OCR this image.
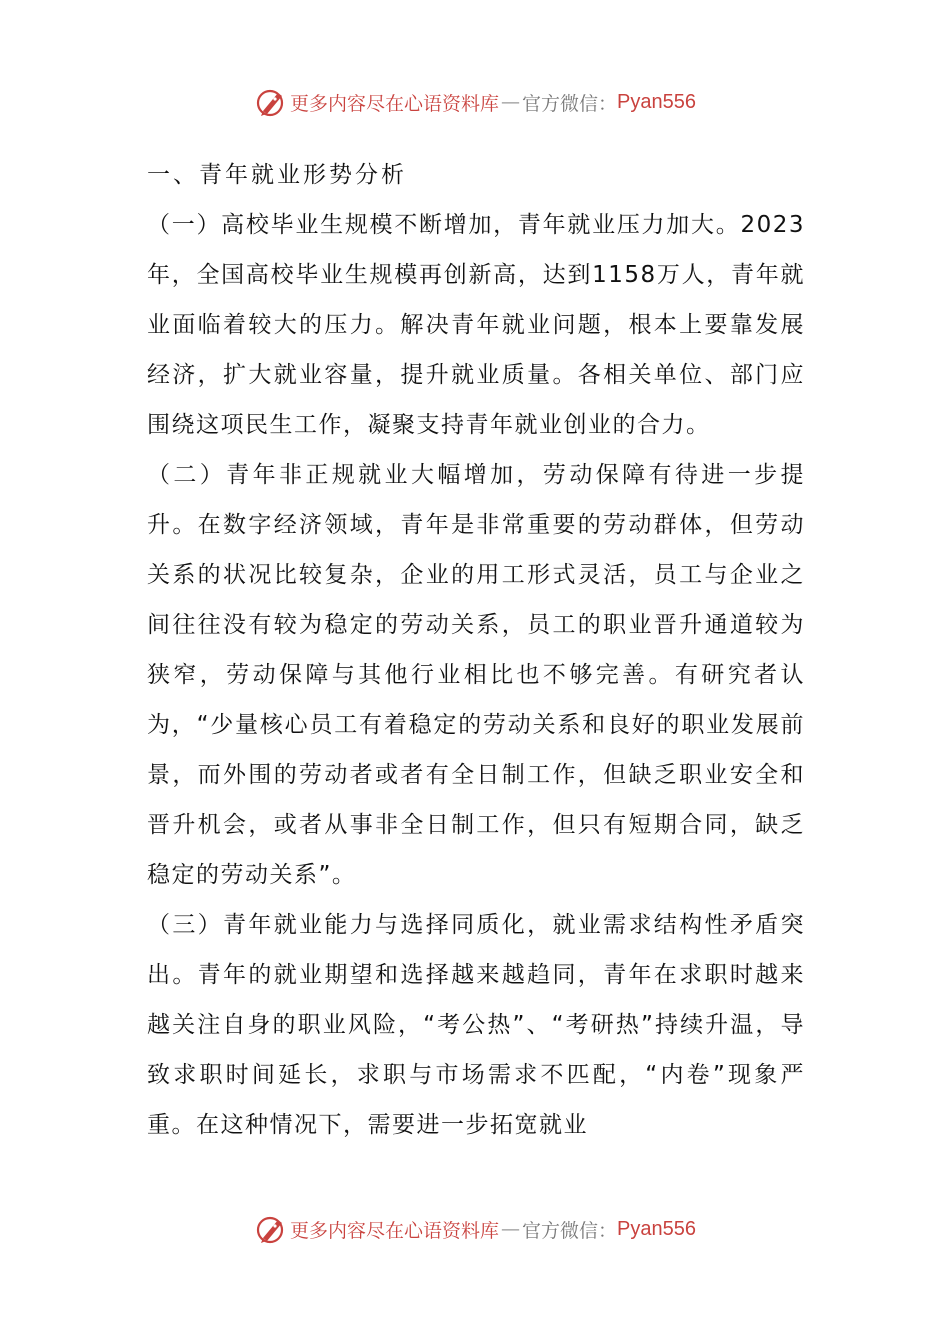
更多内容尽在心语资料库 — 官方微信： Pyan556

一、青年就业形势分析

（一）高校毕业生规模不断增加，青年就业压力加大。2023年，全国高校毕业生规模再创新高，达到1158万人，青年就业面临着较大的压力。解决青年就业问题，根本上要靠发展经济，扩大就业容量，提升就业质量。各相关单位、部门应围绕这项民生工作，凝聚支持青年就业创业的合力。

（二）青年非正规就业大幅增加，劳动保障有待进一步提升。在数字经济领域，青年是非常重要的劳动群体，但劳动关系的状况比较复杂，企业的用工形式灵活，员工与企业之间往往没有较为稳定的劳动关系，员工的职业晋升通道较为狭窄，劳动保障与其他行业相比也不够完善。有研究者认为，“少量核心员工有着稳定的劳动关系和良好的职业发展前景，而外围的劳动者或者有全日制工作，但缺乏职业安全和晋升机会，或者从事非全日制工作，但只有短期合同，缺乏稳定的劳动关系”。

（三）青年就业能力与选择同质化，就业需求结构性矛盾突出。青年的就业期望和选择越来越趋同，青年在求职时越来越关注自身的职业风险，“考公热”、“考研热”持续升温，导致求职时间延长，求职与市场需求不匹配，“内卷”现象严重。在这种情况下，需要进一步拓宽就业

更多内容尽在心语资料库 — 官方微信： Pyan556
